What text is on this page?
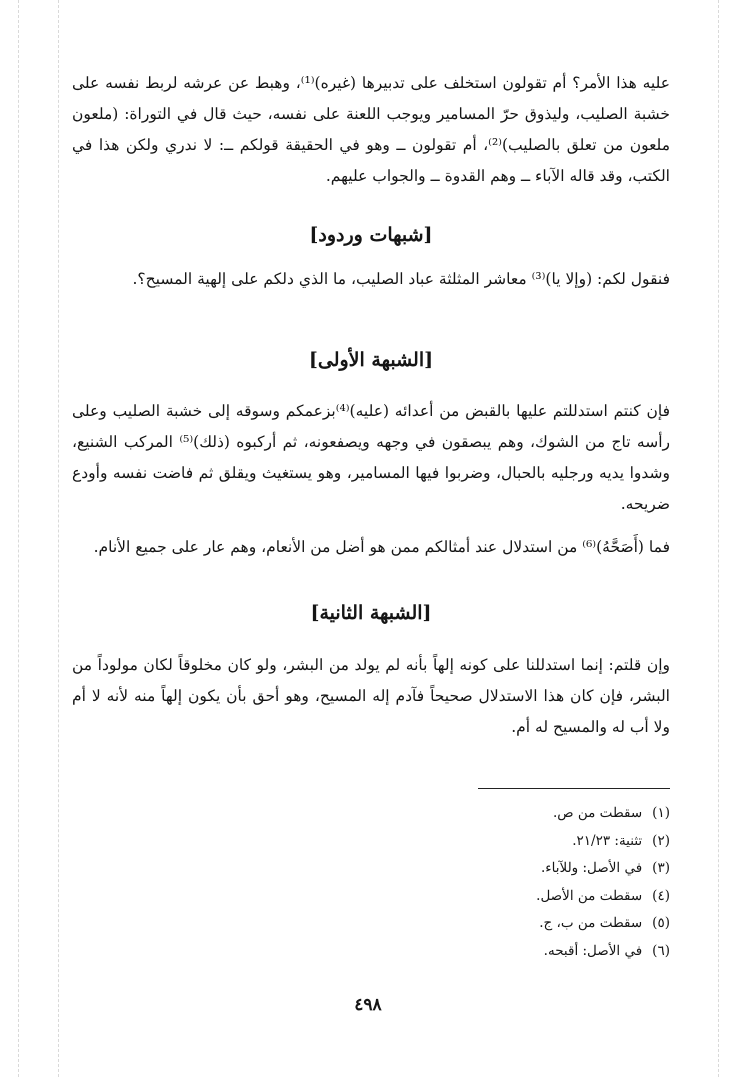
عليه هذا الأمر؟ أم تقولون استخلف على تدبيرها (غيره)⁽¹⁾، وهبط عن عرشه لربط نفسه على خشبة الصليب، وليذوق حرّ المسامير ويوجب اللعنة على نفسه، حيث قال في التوراة: (ملعون ملعون من تعلق بالصليب)⁽²⁾، أم تقولون ــ وهو في الحقيقة قولكم ــ: لا ندري ولكن هذا في الكتب، وقد قاله الآباء ــ وهم القدوة ــ والجواب عليهم.
[شبهات وردود]
فنقول لكم: (وإلا يا)⁽³⁾ معاشر المثلثة عباد الصليب، ما الذي دلكم على إلهية المسيح؟.
[الشبهة الأولى]
فإن كنتم استدللتم عليها بالقبض من أعدائه (عليه)⁽⁴⁾بزعمكم وسوقه إلى خشبة الصليب وعلى رأسه تاج من الشوك، وهم يبصقون في وجهه ويصفعونه، ثم أركبوه (ذلك)⁽⁵⁾ المركب الشنيع، وشدوا يديه ورجليه بالحبال، وضربوا فيها المسامير، وهو يستغيث ويقلق ثم فاضت نفسه وأودع ضريحه.
فما (أَصَحَّهُ)⁽⁶⁾ من استدلال عند أمثالكم ممن هو أضل من الأنعام، وهم عار على جميع الأنام.
[الشبهة الثانية]
وإن قلتم: إنما استدللنا على كونه إلهاً بأنه لم يولد من البشر، ولو كان مخلوقاً لكان مولوداً من البشر، فإن كان هذا الاستدلال صحيحاً فآدم إله المسيح، وهو أحق بأن يكون إلهاً منه لأنه لا أم ولا أب له والمسيح له أم.
(١)سقطت من ص.
(٢)تثنية: ٢١/٢٣.
(٣)في الأصل: وللآباء.
(٤)سقطت من الأصل.
(٥)سقطت من ب، ج.
(٦)في الأصل: أقبحه.
٤٩٨
